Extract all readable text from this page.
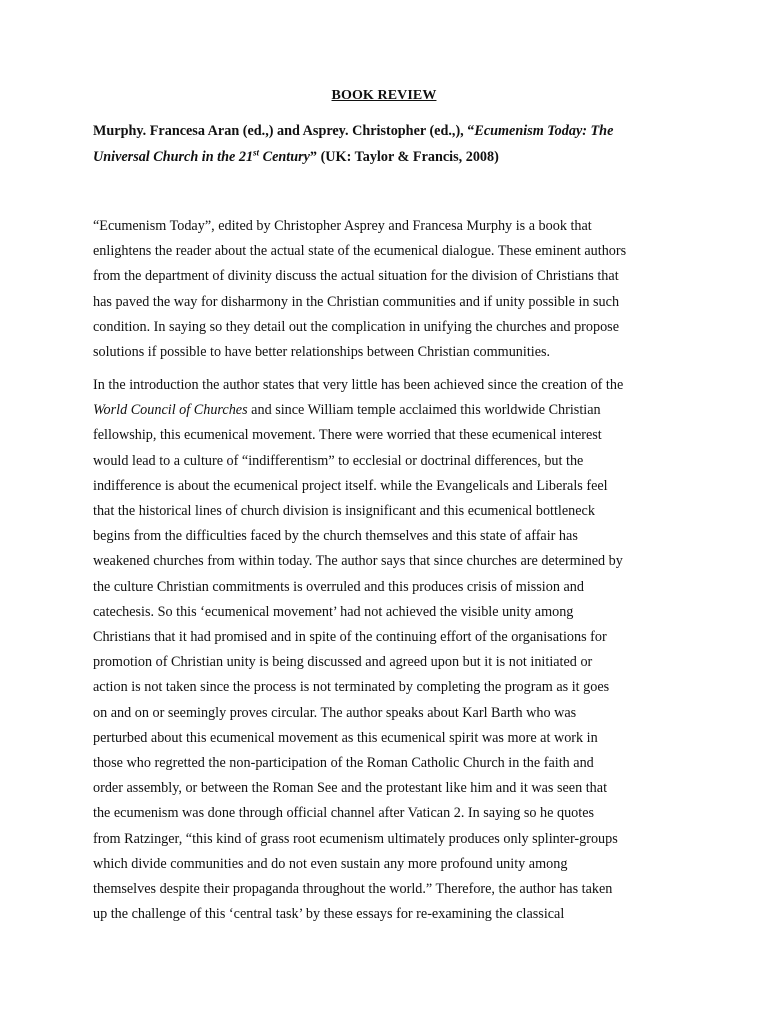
BOOK REVIEW
Murphy. Francesa Aran (ed.,) and Asprey. Christopher (ed.,), “Ecumenism Today: The
Universal Church in the 21st Century” (UK: Taylor & Francis, 2008)
“Ecumenism Today”, edited by Christopher Asprey and Francesa Murphy is a book that
enlightens the reader about the actual state of the ecumenical dialogue. These eminent authors
from the department of divinity discuss the actual situation for the division of Christians that
has paved the way for disharmony in the Christian communities and if unity possible in such
condition. In saying so they detail out the complication in unifying the churches and propose
solutions if possible to have better relationships between Christian communities.
In the introduction the author states that very little has been achieved since the creation of the
World Council of Churches and since William temple acclaimed this worldwide Christian
fellowship, this ecumenical movement. There were worried that these ecumenical interest
would lead to a culture of “indifferentism” to ecclesial or doctrinal differences, but the
indifference is about the ecumenical project itself. while the Evangelicals and Liberals feel
that the historical lines of church division is insignificant and this ecumenical bottleneck
begins from the difficulties faced by the church themselves and this state of affair has
weakened churches from within today. The author says that since churches are determined by
the culture Christian commitments is overruled and this produces crisis of mission and
catechesis. So this ‘ecumenical movement’ had not achieved the visible unity among
Christians that it had promised and in spite of the continuing effort of the organisations for
promotion of Christian unity is being discussed and agreed upon but it is not initiated or
action is not taken since the process is not terminated by completing the program as it goes
on and on or seemingly proves circular. The author speaks about Karl Barth who was
perturbed about this ecumenical movement as this ecumenical spirit was more at work in
those who regretted the non-participation of the Roman Catholic Church in the faith and
order assembly, or between the Roman See and the protestant like him and it was seen that
the ecumenism was done through official channel after Vatican 2. In saying so he quotes
from Ratzinger, “this kind of grass root ecumenism ultimately produces only splinter-groups
which divide communities and do not even sustain any more profound unity among
themselves despite their propaganda throughout the world.” Therefore, the author has taken
up the challenge of this ‘central task’ by these essays for re-examining the classical
